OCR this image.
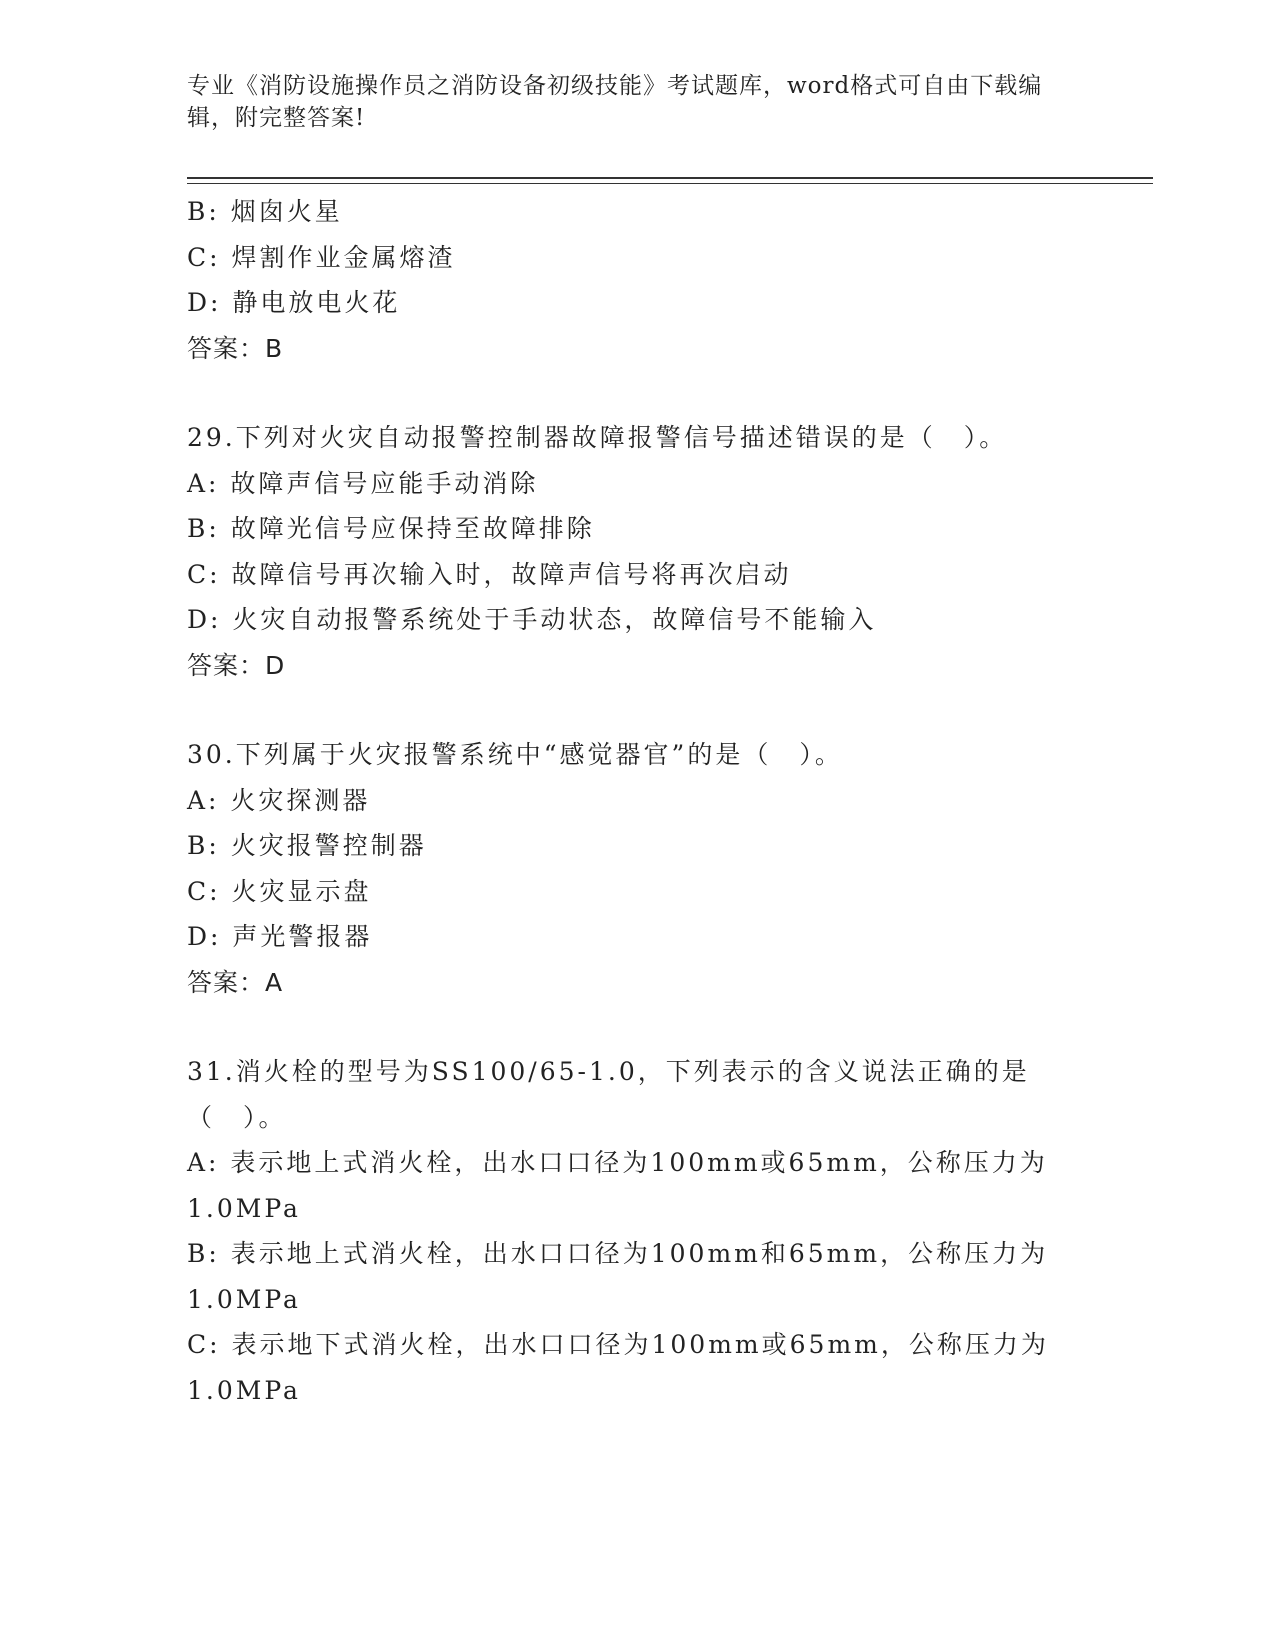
专业《消防设施操作员之消防设备初级技能》考试题库，word格式可自由下载编辑，附完整答案!

B: 烟囱火星

C: 焊割作业金属熔渣

D: 静电放电火花

答案：B

29.下列对火灾自动报警控制器故障报警信号描述错误的是（　）。

A: 故障声信号应能手动消除

B: 故障光信号应保持至故障排除

C: 故障信号再次输入时，故障声信号将再次启动

D: 火灾自动报警系统处于手动状态，故障信号不能输入

答案：D

30.下列属于火灾报警系统中“感觉器官”的是（　）。

A: 火灾探测器

B: 火灾报警控制器

C: 火灾显示盘

D: 声光警报器

答案：A

31.消火栓的型号为SS100/65-1.0，下列表示的含义说法正确的是（　）。

A: 表示地上式消火栓，出水口口径为100mm或65mm，公称压力为1.0MPa

B: 表示地上式消火栓，出水口口径为100mm和65mm，公称压力为1.0MPa

C: 表示地下式消火栓，出水口口径为100mm或65mm，公称压力为1.0MPa
